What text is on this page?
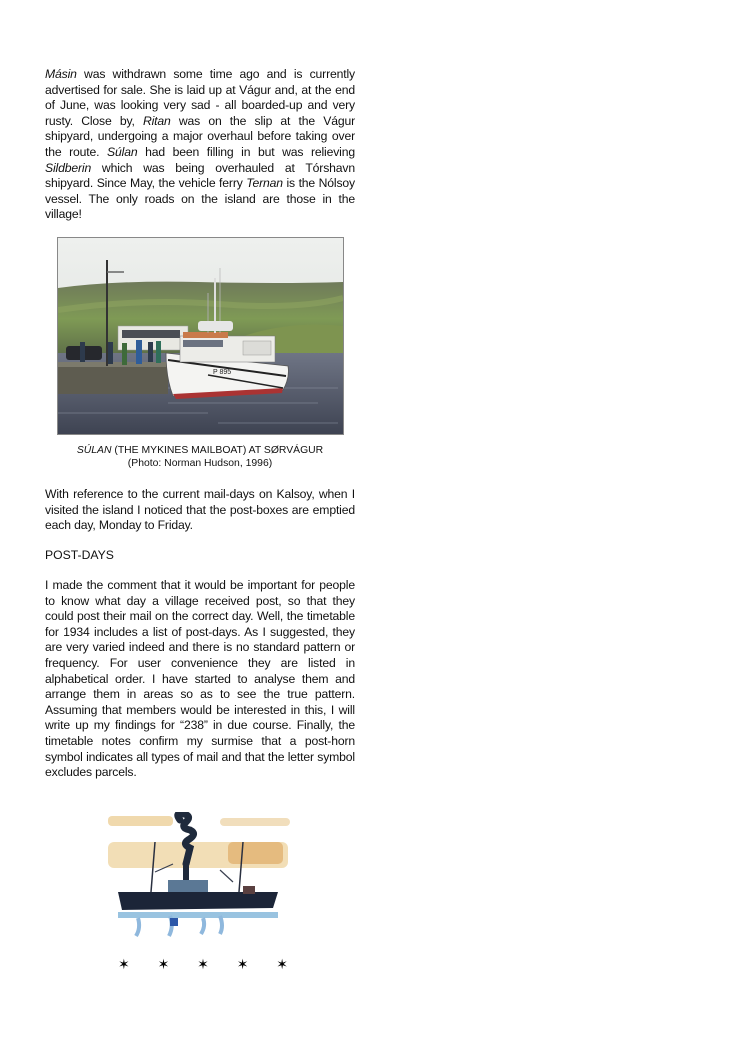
Másin was withdrawn some time ago and is currently advertised for sale. She is laid up at Vágur and, at the end of June, was looking very sad - all boarded-up and very rusty. Close by, Ritan was on the slip at the Vágur shipyard, undergoing a major overhaul before taking over the route. Súlan had been filling in but was relieving Sildberin which was being overhauled at Tórshavn shipyard. Since May, the vehicle ferry Ternan is the Nólsoy vessel. The only roads on the island are those in the village!
P 895
SÚLAN (THE MYKINES MAILBOAT) AT SØRVÁGUR
(Photo: Norman Hudson, 1996)
With reference to the current mail-days on Kalsoy, when I visited the island I noticed that the post-boxes are emptied each day, Monday to Friday.
POST-DAYS
I made the comment that it would be important for people to know what day a village received post, so that they could post their mail on the correct day. Well, the timetable for 1934 includes a list of post-days. As I suggested, they are very varied indeed and there is no standard pattern or frequency. For user convenience they are listed in alphabetical order. I have started to analyse them and arrange them in areas so as to see the true pattern. Assuming that members would be interested in this, I will write up my findings for “238” in due course. Finally, the timetable notes confirm my surmise that a post-horn symbol indicates all types of mail and that the letter symbol excludes parcels.
✶ ✶ ✶ ✶ ✶
